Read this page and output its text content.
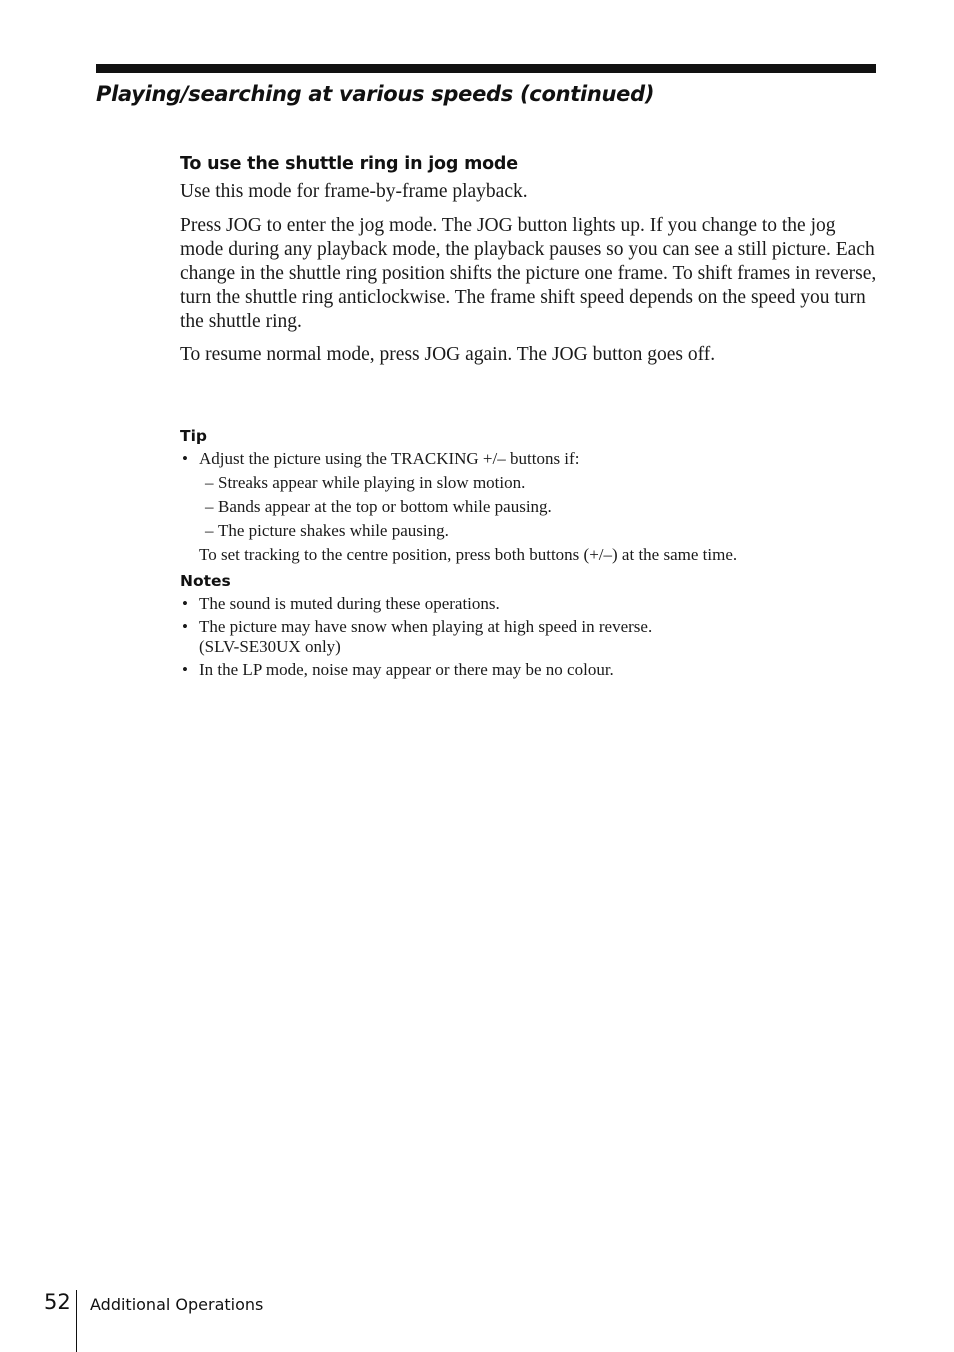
Playing/searching at various speeds (continued)
To use the shuttle ring in jog mode

Use this mode for frame-by-frame playback.

Press JOG to enter the jog mode. The JOG button lights up. If you change to the jog mode during any playback mode, the playback pauses so you can see a still picture. Each change in the shuttle ring position shifts the picture one frame. To shift frames in reverse, turn the shuttle ring anticlockwise. The frame shift speed depends on the speed you turn the shuttle ring.

To resume normal mode, press JOG again. The JOG button goes off.

Tip
• Adjust the picture using the TRACKING +/– buttons if:
– Streaks appear while playing in slow motion.
– Bands appear at the top or bottom while pausing.
– The picture shakes while pausing.
To set tracking to the centre position, press both buttons (+/–) at the same time.
Notes
• The sound is muted during these operations.
• The picture may have snow when playing at high speed in reverse.
(SLV-SE30UX only)
• In the LP mode, noise may appear or there may be no colour.
52 Additional Operations
